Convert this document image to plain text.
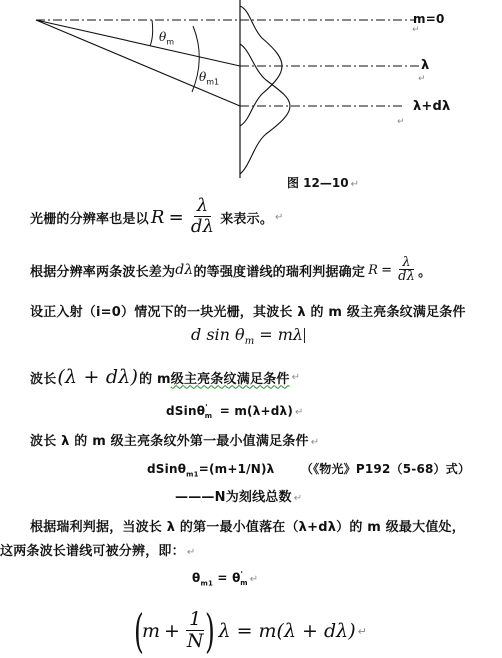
↵
↵
↵
$\theta_m$
$\theta_{m1}$
m=0
λ
λ+dλ
图 12—10 ↵
光栅的分辨率也是以 $R = \frac{\lambda}{d\lambda}$ 来表示。 ↵
根据分辨率两条波长差为 dλ 的等强度谱线的瑞利判据确定 $R = \frac{\lambda}{d\lambda}$ 。
设正入射（i=0）情况下的一块光栅，其波长 λ 的 m 级主亮条纹满足条件
d $\sin \theta_m = m\lambda$
波长 (λ + dλ) 的 m 级主亮条纹满足条件 ↵
dSinθ'$_m$ = m(λ+dλ) ↵
波长 λ 的 m 级主亮条纹外第一最小值满足条件 ↵
dSinθ$_{m1}$=(m+1/N)λ （《物光》P192（5-68）式）
———N为刻线总数 ↵
根据瑞利判据，当波长 λ 的第一最小值落在（λ+dλ）的 m 级最大值处，
这两条波长谱线可被分辨，即： ↵
$\theta_{m1} = \theta'_m$ ↵
(
$m + \frac{1}{N}$
) λ = m(λ + dλ) ↵
